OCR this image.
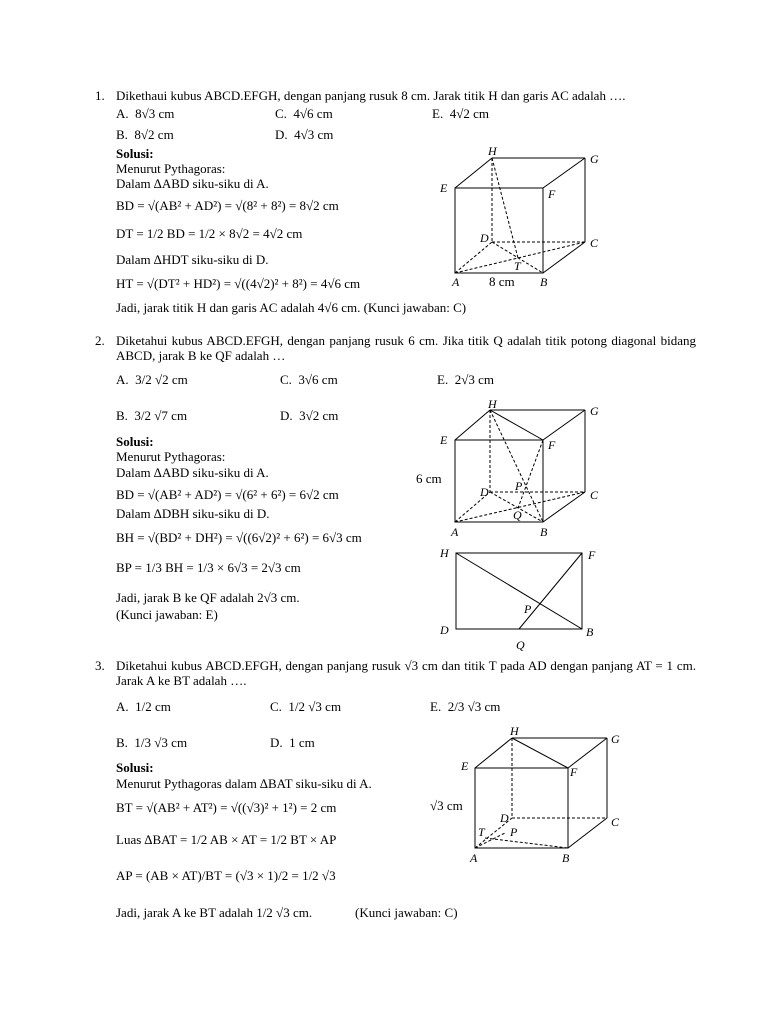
1. Dikethaui kubus ABCD.EFGH, dengan panjang rusuk 8 cm. Jarak titik H dan garis AC adalah ….
A.  8√3 cm	C.  4√6 cm	E.  4√2 cm
B.  8√2 cm	D.  4√3 cm
Solusi:
Menurut Pythagoras:
Dalam ∆ABD siku-siku di A.
BD = √(AB² + AD²) = √(8² + 8²) = 8√2 cm
DT = 1/2 BD = 1/2 × 8√2 = 4√2 cm
Dalam ∆HDT siku-siku di D.
HT = √(DT² + HD²) = √((4√2)² + 8²) = 4√6 cm
Jadi, jarak titik H dan garis AC adalah 4√6 cm. (Kunci jawaban: C)
2. Diketahui kubus ABCD.EFGH, dengan panjang rusuk 6 cm. Jika titik Q adalah titik potong diagonal bidang ABCD, jarak B ke QF adalah …
A.  3/2 √2 cm	C.  3√6 cm	E.  2√3 cm
B.  3/2 √7 cm	D.  3√2 cm
Solusi:
Menurut Pythagoras:
Dalam ∆ABD siku-siku di A.
BD = √(AB² + AD²) = √(6² + 6²) = 6√2 cm
Dalam ∆DBH siku-siku di D.
BH = √(BD² + DH²) = √((6√2)² + 6²) = 6√3 cm
BP = 1/3 BH = 1/3 × 6√3 = 2√3 cm
Jadi, jarak B ke QF adalah 2√3 cm.
(Kunci jawaban: E)
3. Diketahui kubus ABCD.EFGH, dengan panjang rusuk √3 cm dan titik T pada AD dengan panjang AT = 1 cm. Jarak A ke BT adalah ….
A.  1/2 cm	C.  1/2 √3 cm	E.  2/3 √3 cm
B.  1/3 √3 cm	D.  1 cm
Solusi:
Menurut Pythagoras dalam ∆BAT siku-siku di A.
BT = √(AB² + AT²) = √((√3)² + 1²) = 2 cm
Luas ∆BAT = 1/2 AB × AT = 1/2 BT × AP
AP = (AB × AT)/BT = (√3 × 1)/2 = 1/2 √3
Jadi, jarak A ke BT adalah 1/2 √3 cm.	(Kunci jawaban: C)
H
G
E	F
D	C
T
A	B
8 cm
H	G
E	F
D P
C
Q
A	B
6 cm
H	F
P
D	B
Q
H
G
E	F
D	C
T P
A	B
√3 cm
